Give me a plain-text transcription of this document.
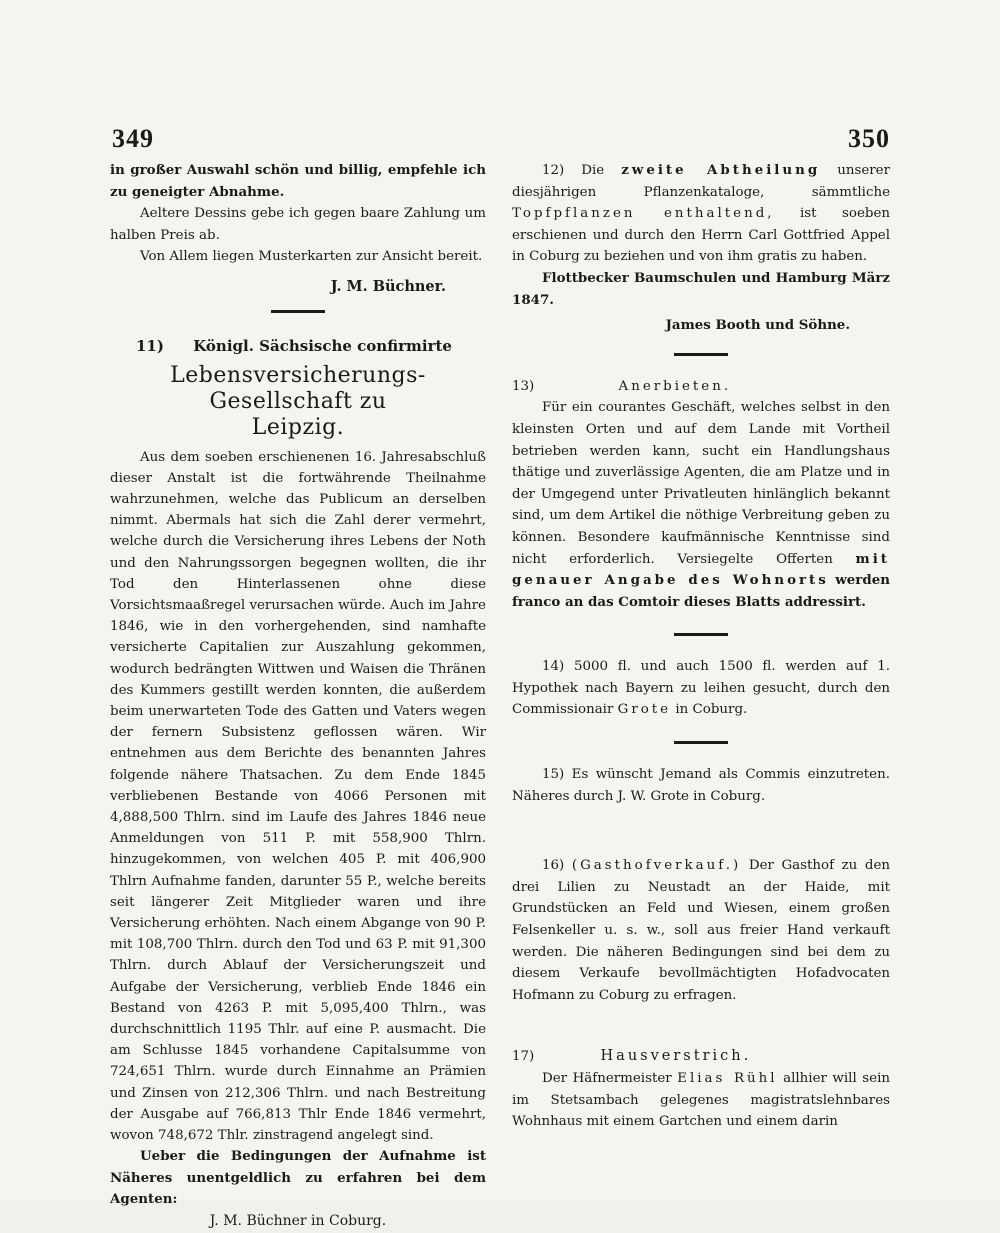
349	350

in großer Auswahl schön und billig, empfehle ich zu geneigter Abnahme.

Aeltere Dessins gebe ich gegen baare Zahlung um halben Preis ab.

Von Allem liegen Musterkarten zur Ansicht bereit.

J. M. Büchner.

11) Königl. Sächsische confirmirte

Lebensversicherungs-Gesellschaft zu

Leipzig.

Aus dem soeben erschienenen 16. Jahresabschluß dieser Anstalt ist die fortwährende Theilnahme wahrzunehmen, welche das Publicum an derselben nimmt. Abermals hat sich die Zahl derer vermehrt, welche durch die Versicherung ihres Lebens der Noth und den Nahrungssorgen begegnen wollten, die ihr Tod den Hinterlassenen ohne diese Vorsichtsmaaßregel verursachen würde. Auch im Jahre 1846, wie in den vorhergehenden, sind namhafte versicherte Capitalien zur Auszahlung gekommen, wodurch bedrängten Wittwen und Waisen die Thränen des Kummers gestillt werden konnten, die außerdem beim unerwarteten Tode des Gatten und Vaters wegen der fernern Subsistenz geflossen wären. Wir entnehmen aus dem Berichte des benannten Jahres folgende nähere Thatsachen. Zu dem Ende 1845 verbliebenen Bestande von 4066 Personen mit 4,888,500 Thlrn. sind im Laufe des Jahres 1846 neue Anmeldungen von 511 P. mit 558,900 Thlrn. hinzugekommen, von welchen 405 P. mit 406,900 Thlrn Aufnahme fanden, darunter 55 P., welche bereits seit längerer Zeit Mitglieder waren und ihre Versicherung erhöhten. Nach einem Abgange von 90 P. mit 108,700 Thlrn. durch den Tod und 63 P. mit 91,300 Thlrn. durch Ablauf der Versicherungszeit und Aufgabe der Versicherung, verblieb Ende 1846 ein Bestand von 4263 P. mit 5,095,400 Thlrn., was durchschnittlich 1195 Thlr. auf eine P. ausmacht. Die am Schlusse 1845 vorhandene Capitalsumme von 724,651 Thlrn. wurde durch Einnahme an Prämien und Zinsen von 212,306 Thlrn. und nach Bestreitung der Ausgabe auf 766,813 Thlr Ende 1846 vermehrt, wovon 748,672 Thlr. zinstragend angelegt sind.

Ueber die Bedingungen der Aufnahme ist Näheres unentgeldlich zu erfahren bei dem Agenten:

J. M. Büchner in Coburg.

12) Die zweite Abtheilung unserer diesjährigen Pflanzenkataloge, sämmtliche Topfpflanzen enthaltend, ist soeben erschienen und durch den Herrn Carl Gottfried Appel in Coburg zu beziehen und von ihm gratis zu haben.

Flottbecker Baumschulen und Hamburg März 1847.

James Booth und Söhne.

13)	Anerbieten.

Für ein courantes Geschäft, welches selbst in den kleinsten Orten und auf dem Lande mit Vortheil betrieben werden kann, sucht ein Handlungshaus thätige und zuverlässige Agenten, die am Platze und in der Umgegend unter Privatleuten hinlänglich bekannt sind, um dem Artikel die nöthige Verbreitung geben zu können. Besondere kaufmännische Kenntnisse sind nicht erforderlich. Versiegelte Offerten mit genauer Angabe des Wohnorts werden franco an das Comtoir dieses Blatts addressirt.

14) 5000 fl. und auch 1500 fl. werden auf 1. Hypothek nach Bayern zu leihen gesucht, durch den Commissionair Grote in Coburg.

15) Es wünscht Jemand als Commis einzutreten. Näheres durch J. W. Grote in Coburg.

16) (Gasthofverkauf.) Der Gasthof zu den drei Lilien zu Neustadt an der Haide, mit Grundstücken an Feld und Wiesen, einem großen Felsenkeller u. s. w., soll aus freier Hand verkauft werden. Die näheren Bedingungen sind bei dem zu diesem Verkaufe bevollmächtigten Hofadvocaten Hofmann zu Coburg zu erfragen.

17)	Hausverstrich.

Der Häfnermeister Elias Rühl allhier will sein im Stetsambach gelegenes magistratslehnbares Wohnhaus mit einem Gartchen und einem darin
